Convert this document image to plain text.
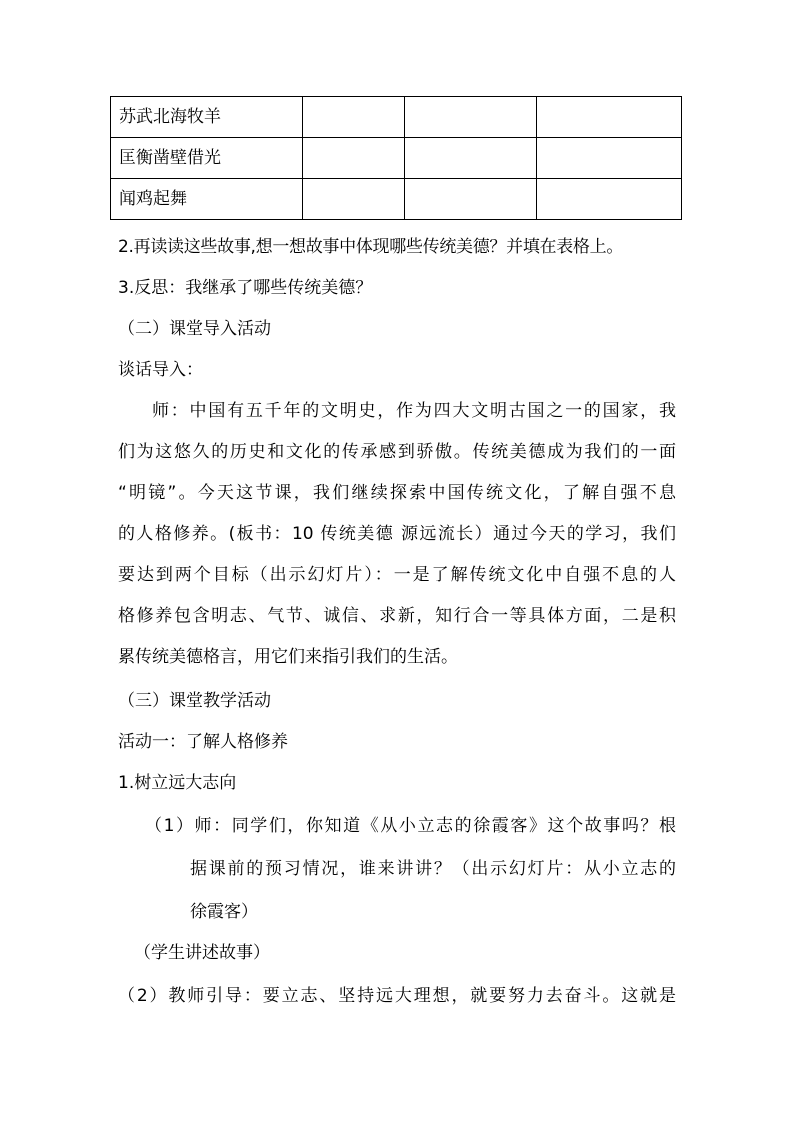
苏武北海牧羊			
匡衡凿壁借光			
闻鸡起舞			
2.再读读这些故事,想一想故事中体现哪些传统美德？并填在表格上。
3.反思：我继承了哪些传统美德？
（二）课堂导入活动
谈话导入：
师：中国有五千年的文明史，作为四大文明古国之一的国家，我
们为这悠久的历史和文化的传承感到骄傲。传统美德成为我们的一面
“明镜”。今天这节课，我们继续探索中国传统文化，了解自强不息
的人格修养。(板书：10 传统美德 源远流长）通过今天的学习，我们
要达到两个目标（出示幻灯片）：一是了解传统文化中自强不息的人
格修养包含明志、气节、诚信、求新，知行合一等具体方面，二是积
累传统美德格言，用它们来指引我们的生活。
（三）课堂教学活动
活动一：了解人格修养
1.树立远大志向
（1）师：同学们，你知道《从小立志的徐霞客》这个故事吗？根
据课前的预习情况，谁来讲讲？（出示幻灯片：从小立志的
徐霞客）
（学生讲述故事）
（2）教师引导：要立志、坚持远大理想，就要努力去奋斗。这就是
